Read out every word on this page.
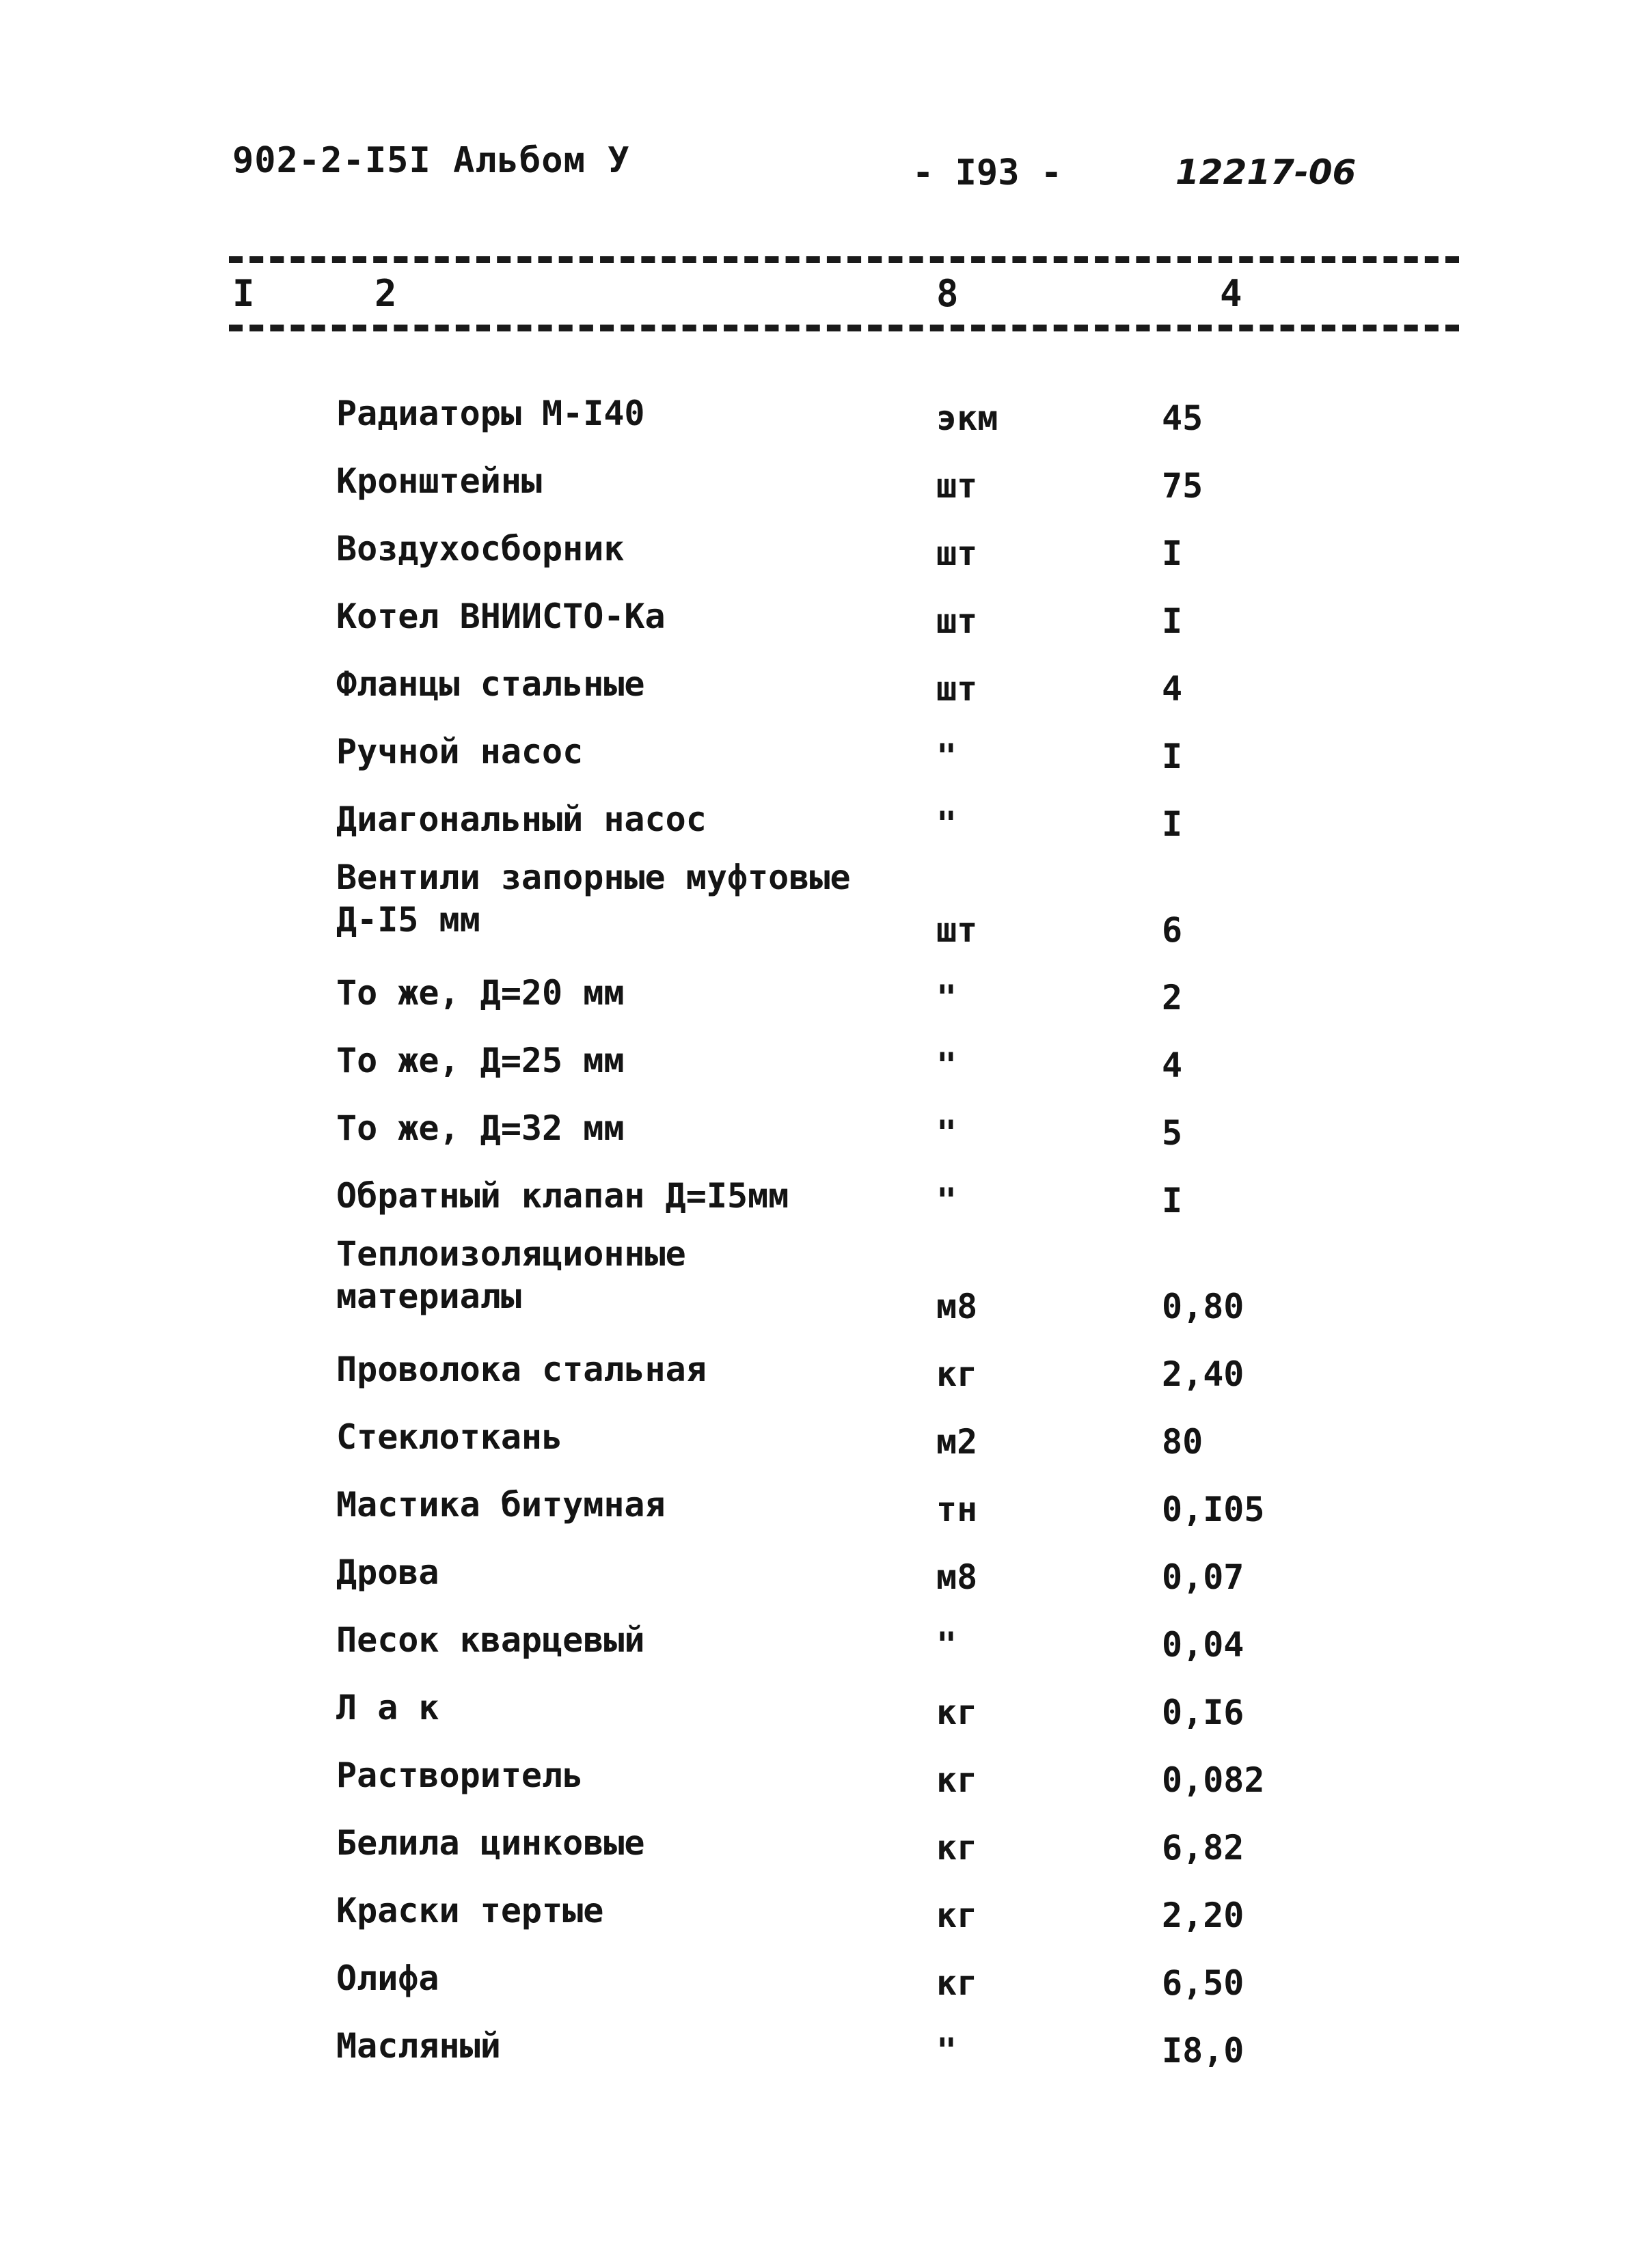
902-2-I5I Альбом У	- I93 -	12217-06
I	2	8	4
Радиаторы М-I40	экм	45
Кронштейны	шт	75
Воздухосборник	шт	I
Котел ВНИИСТО-Ка	шт	I
Фланцы стальные	шт	4
Ручной насос	"	I
Диагональный насос	"	I
Вентили запорные муфтовые
Д-I5 мм	шт	6
То же, Д=20 мм	"	2
То же, Д=25 мм	"	4
То же, Д=32 мм	"	5
Обратный клапан Д=I5мм	"	I
Теплоизоляционные
материалы	м8	0,80
Проволока стальная	кг	2,40
Стеклоткань	м2	80
Мастика битумная	тн	0,I05
Дрова	м8	0,07
Песок кварцевый	"	0,04
Л а к	кг	0,I6
Растворитель	кг	0,082
Белила цинковые	кг	6,82
Краски тертые	кг	2,20
Олифа	кг	6,50
Масляный	"	I8,0
